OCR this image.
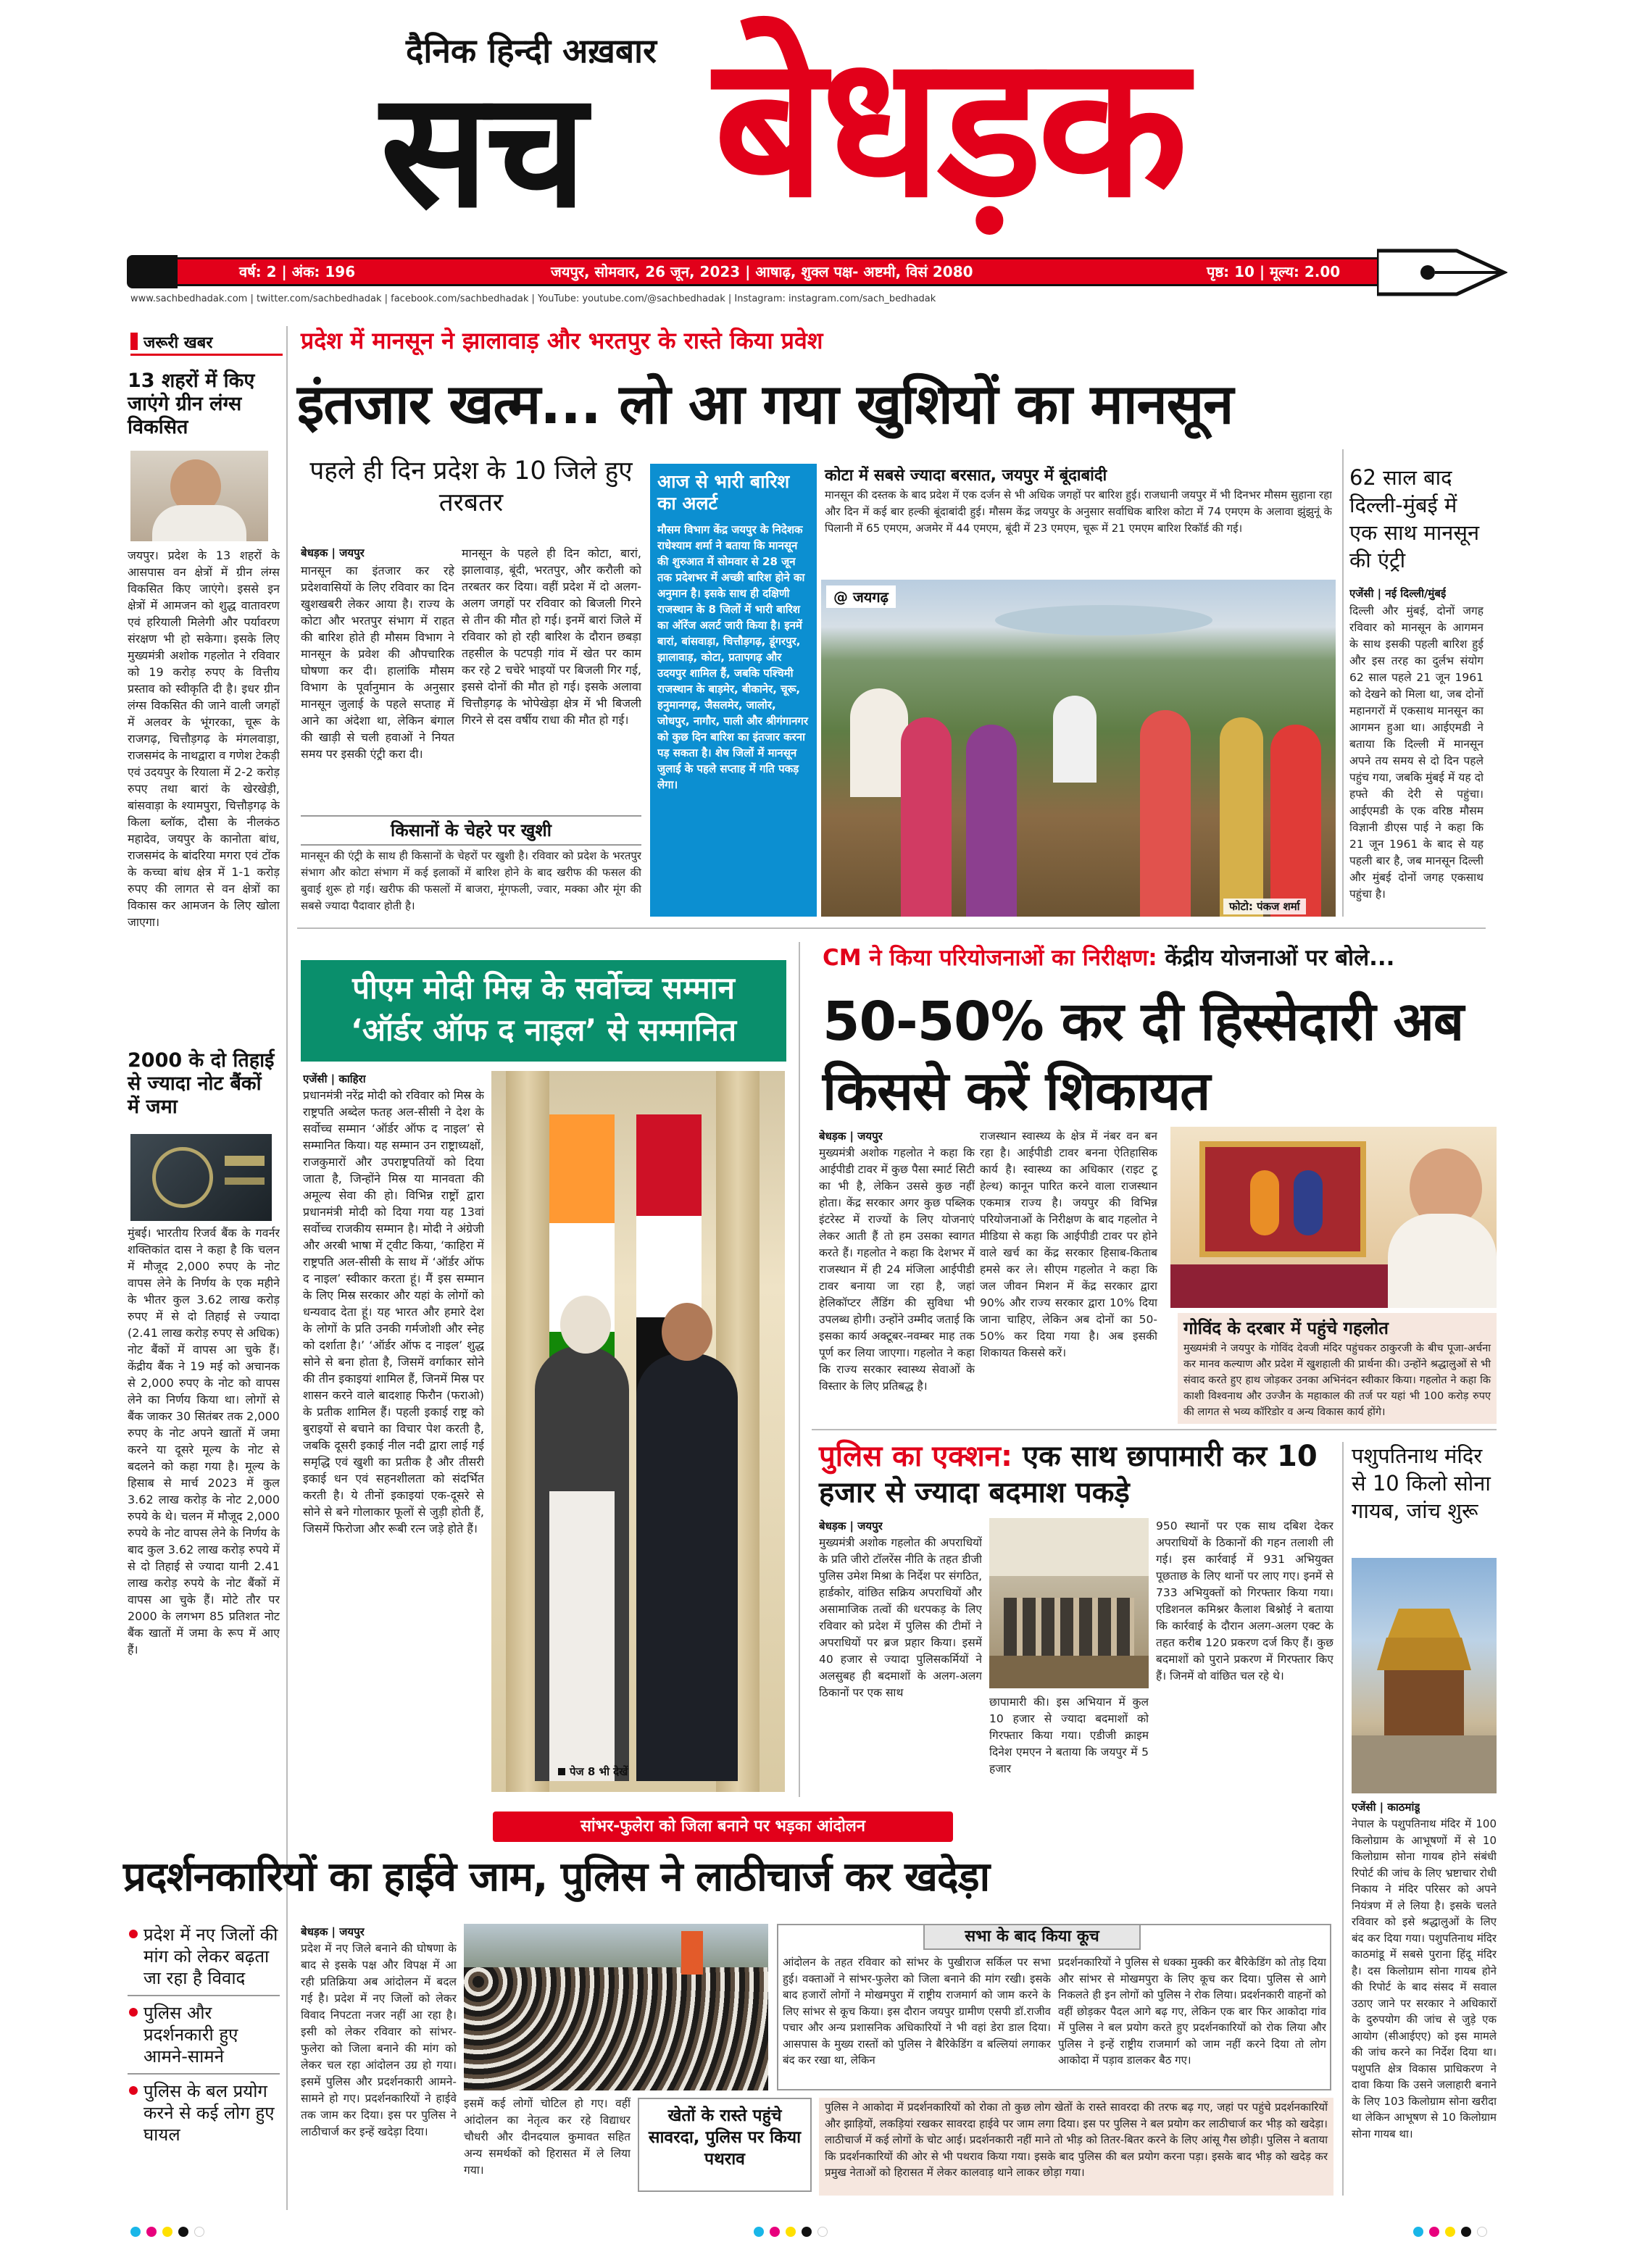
दैनिक हिन्दी अख़बार
सच बेधड़क
वर्ष: 2 | अंक: 196	जयपुर, सोमवार, 26 जून, 2023 | आषाढ़, शुक्ल पक्ष- अष्टमी, विसं 2080	पृष्ठ: 10 | मूल्य: 2.00
www.sachbedhadak.com | twitter.com/sachbedhadak | facebook.com/sachbedhadak | YouTube: youtube.com/@sachbedhadak | Instagram: instagram.com/sach_bedhadak
जरूरी खबर
13 शहरों में किए जाएंगे ग्रीन लंग्स विकसित
जयपुर। प्रदेश के 13 शहरों के आसपास वन क्षेत्रों में ग्रीन लंग्स विकसित किए जाएंगे। इससे इन क्षेत्रों में आमजन को शुद्ध वातावरण एवं हरियाली मिलेगी और पर्यावरण संरक्षण भी हो सकेगा। इसके लिए मुख्यमंत्री अशोक गहलोत ने रविवार को 19 करोड़ रुपए के वित्तीय प्रस्ताव को स्वीकृति दी है। इधर ग्रीन लंग्स विकसित की जाने वाली जगहों में अलवर के भूंगरका, चूरू के राजगढ़, चित्तौड़गढ़ के मंगलवाड़ा, राजसमंद के नाथद्वारा व गणेश टेकड़ी एवं उदयपुर के रियाला में 2-2 करोड़ रुपए तथा बारां के खेरखेड़ी, बांसवाड़ा के श्यामपुरा, चित्तौड़गढ़ के किला ब्लॉक, दौसा के नीलकंठ महादेव, जयपुर के कानोता बांध, राजसमंद के बांदरिया मगरा एवं टोंक के कच्चा बांध क्षेत्र में 1-1 करोड़ रुपए की लागत से वन क्षेत्रों का विकास कर आमजन के लिए खोला जाएगा।
2000 के दो तिहाई से ज्यादा नोट बैंकों में जमा
मुंबई। भारतीय रिजर्व बैंक के गवर्नर शक्तिकांत दास ने कहा है कि चलन में मौजूद 2,000 रुपए के नोट वापस लेने के निर्णय के एक महीने के भीतर कुल 3.62 लाख करोड़ रुपए में से दो तिहाई से ज्यादा (2.41 लाख करोड़ रुपए से अधिक) नोट बैंकों में वापस आ चुके हैं। केंद्रीय बैंक ने 19 मई को अचानक से 2,000 रुपए के नोट को वापस लेने का निर्णय किया था। लोगों से बैंक जाकर 30 सितंबर तक 2,000 रुपए के नोट अपने खातों में जमा करने या दूसरे मूल्य के नोट से बदलने को कहा गया है। मूल्य के हिसाब से मार्च 2023 में कुल 3.62 लाख करोड़ के नोट 2,000 रुपये के थे। चलन में मौजूद 2,000 रुपये के नोट वापस लेने के निर्णय के बाद कुल 3.62 लाख करोड़ रुपये में से दो तिहाई से ज्यादा यानी 2.41 लाख करोड़ रुपये के नोट बैंकों में वापस आ चुके हैं। मोटे तौर पर 2000 के लगभग 85 प्रतिशत नोट बैंक खातों में जमा के रूप में आए हैं।
प्रदेश में मानसून ने झालावाड़ और भरतपुर के रास्ते किया प्रवेश
इंतजार खत्म... लो आ गया खुशियों का मानसून
पहले ही दिन प्रदेश के 10 जिले हुए तरबतर
बेधड़क | जयपुर
मानसून का इंतजार कर रहे प्रदेशवासियों के लिए रविवार का दिन खुशखबरी लेकर आया है। राज्य के कोटा और भरतपुर संभाग में राहत की बारिश होते ही मौसम विभाग ने मानसून के प्रवेश की औपचारिक घोषणा कर दी। हालांकि मौसम विभाग के पूर्वानुमान के अनुसार मानसून जुलाई के पहले सप्ताह में आने का अंदेशा था, लेकिन बंगाल की खाड़ी से चली हवाओं ने नियत समय पर इसकी एंट्री करा दी।
मानसून के पहले ही दिन कोटा, बारां, झालावाड़, बूंदी, भरतपुर, और करौली को तरबतर कर दिया। वहीं प्रदेश में दो अलग-अलग जगहों पर रविवार को बिजली गिरने से तीन की मौत हो गई। इनमें बारां जिले में रविवार को हो रही बारिश के दौरान छबड़ा तहसील के पटपड़ी गांव में खेत पर काम कर रहे 2 चचेरे भाइयों पर बिजली गिर गई, इससे दोनों की मौत हो गई। इसके अलावा चित्तौड़गढ़ के भोपेखेड़ा क्षेत्र में भी बिजली गिरने से दस वर्षीय राधा की मौत हो गई।
किसानों के चेहरे पर खुशी
मानसून की एंट्री के साथ ही किसानों के चेहरों पर खुशी है। रविवार को प्रदेश के भरतपुर संभाग और कोटा संभाग में कई इलाकों में बारिश होने के बाद खरीफ की फसल की बुवाई शुरू हो गई। खरीफ की फसलों में बाजरा, मूंगफली, ज्वार, मक्का और मूंग की सबसे ज्यादा पैदावार होती है।
आज से भारी बारिश का अलर्ट
मौसम विभाग केंद्र जयपुर के निदेशक राधेश्याम शर्मा ने बताया कि मानसून की शुरुआत में सोमवार से 28 जून तक प्रदेशभर में अच्छी बारिश होने का अनुमान है। इसके साथ ही दक्षिणी राजस्थान के 8 जिलों में भारी बारिश का ऑरेंज अलर्ट जारी किया है। इनमें बारां, बांसवाड़ा, चित्तौड़गढ़, डूंगरपुर, झालावाड़, कोटा, प्रतापगढ़ और उदयपुर शामिल हैं, जबकि पश्चिमी राजस्थान के बाड़मेर, बीकानेर, चूरू, हनुमानगढ़, जैसलमेर, जालोर, जोधपुर, नागौर, पाली और श्रीगंगानगर को कुछ दिन बारिश का इंतजार करना पड़ सकता है। शेष जिलों में मानसून जुलाई के पहले सप्ताह में गति पकड़ लेगा।
कोटा में सबसे ज्यादा बरसात, जयपुर में बूंदाबांदी
मानसून की दस्तक के बाद प्रदेश में एक दर्जन से भी अधिक जगहों पर बारिश हुई। राजधानी जयपुर में भी दिनभर मौसम सुहाना रहा और दिन में कई बार हल्की बूंदाबांदी हुई। मौसम केंद्र जयपुर के अनुसार सर्वाधिक बारिश कोटा में 74 एमएम के अलावा झुंझुनूं के पिलानी में 65 एमएम, अजमेर में 44 एमएम, बूंदी में 23 एमएम, चूरू में 21 एमएम बारिश रिकॉर्ड की गई।
@ जयगढ़
फोटो: पंकज शर्मा
62 साल बाद दिल्ली-मुंबई में एक साथ मानसून की एंट्री
एजेंसी | नई दिल्ली/मुंबई
दिल्ली और मुंबई, दोनों जगह रविवार को मानसून के आगमन के साथ इसकी पहली बारिश हुई और इस तरह का दुर्लभ संयोग 62 साल पहले 21 जून 1961 को देखने को मिला था, जब दोनों महानगरों में एकसाथ मानसून का आगमन हुआ था। आईएमडी ने बताया कि दिल्ली में मानसून अपने तय समय से दो दिन पहले पहुंच गया, जबकि मुंबई में यह दो हफ्ते की देरी से पहुंचा। आईएमडी के एक वरिष्ठ मौसम विज्ञानी डीएस पाई ने कहा कि 21 जून 1961 के बाद से यह पहली बार है, जब मानसून दिल्ली और मुंबई दोनों जगह एकसाथ पहुंचा है।
पीएम मोदी मिस्र के सर्वोच्च सम्मान ‘ऑर्डर ऑफ द नाइल’ से सम्मानित
एजेंसी | काहिरा
प्रधानमंत्री नरेंद्र मोदी को रविवार को मिस्र के राष्ट्रपति अब्देल फतह अल-सीसी ने देश के सर्वोच्च सम्मान ‘ऑर्डर ऑफ द नाइल’ से सम्मानित किया। यह सम्मान उन राष्ट्राध्यक्षों, राजकुमारों और उपराष्ट्रपतियों को दिया जाता है, जिन्होंने मिस्र या मानवता की अमूल्य सेवा की हो। विभिन्न राष्ट्रों द्वारा प्रधानमंत्री मोदी को दिया गया यह 13वां सर्वोच्च राजकीय सम्मान है। मोदी ने अंग्रेजी और अरबी भाषा में ट्वीट किया, ‘काहिरा में राष्ट्रपति अल-सीसी के साथ में ‘ऑर्डर ऑफ द नाइल’ स्वीकार करता हूं। मैं इस सम्मान के लिए मिस्र सरकार और यहां के लोगों को धन्यवाद देता हूं। यह भारत और हमारे देश के लोगों के प्रति उनकी गर्मजोशी और स्नेह को दर्शाता है।’ ‘ऑर्डर ऑफ द नाइल’ शुद्ध सोने से बना होता है, जिसमें वर्गाकार सोने की तीन इकाइयां शामिल हैं, जिनमें मिस्र पर शासन करने वाले बादशाह फिरौन (फराओ) के प्रतीक शामिल हैं। पहली इकाई राष्ट्र को बुराइयों से बचाने का विचार पेश करती है, जबकि दूसरी इकाई नील नदी द्वारा लाई गई समृद्धि एवं खुशी का प्रतीक है और तीसरी इकाई धन एवं सहनशीलता को संदर्भित करती है। ये तीनों इकाइयां एक-दूसरे से सोने से बने गोलाकार फूलों से जुड़ी होती हैं, जिसमें फिरोजा और रूबी रत्न जड़े होते हैं।
पेज 8 भी देखें
CM ने किया परियोजनाओं का निरीक्षण: केंद्रीय योजनाओं पर बोले...
50-50% कर दी हिस्सेदारी अब किससे करें शिकायत
बेधड़क | जयपुर
मुख्यमंत्री अशोक गहलोत ने कहा कि आईपीडी टावर में कुछ पैसा स्मार्ट सिटी का भी है, लेकिन उससे कुछ नहीं होता। केंद्र सरकार अगर कुछ पब्लिक इंटरेस्ट में राज्यों के लिए योजनाएं लेकर आती हैं तो हम उसका स्वागत करते हैं। गहलोत ने कहा कि देशभर में राजस्थान में ही 24 मंजिला आईपीडी टावर बनाया जा रहा है, जहां हेलिकॉप्टर लैंडिंग की सुविधा भी उपलब्ध होगी। उन्होंने उम्मीद जताई कि इसका कार्य अक्टूबर-नवम्बर माह तक पूर्ण कर लिया जाएगा। गहलोत ने कहा कि राज्य सरकार स्वास्थ्य सेवाओं के विस्तार के लिए प्रतिबद्ध है।
राजस्थान स्वास्थ्य के क्षेत्र में नंबर वन बन रहा है। आईपीडी टावर बनना ऐतिहासिक कार्य है। स्वास्थ्य का अधिकार (राइट टू हेल्थ) कानून पारित करने वाला राजस्थान एकमात्र राज्य है। जयपुर की विभिन्न परियोजनाओं के निरीक्षण के बाद गहलोत ने मीडिया से कहा कि आईपीडी टावर पर होने वाले खर्च का केंद्र सरकार हिसाब-किताब हमसे कर ले। सीएम गहलोत ने कहा कि जल जीवन मिशन में केंद्र सरकार द्वारा 90% और राज्य सरकार द्वारा 10% दिया जाना चाहिए, लेकिन अब दोनों का 50-50% कर दिया गया है। अब इसकी शिकायत किससे करें।
गोविंद के दरबार में पहुंचे गहलोत
मुख्यमंत्री ने जयपुर के गोविंद देवजी मंदिर पहुंचकर ठाकुरजी के बीच पूजा-अर्चना कर मानव कल्याण और प्रदेश में खुशहाली की प्रार्थना की। उन्होंने श्रद्धालुओं से भी संवाद करते हुए हाथ जोड़कर उनका अभिनंदन स्वीकार किया। गहलोत ने कहा कि काशी विश्वनाथ और उज्जैन के महाकाल की तर्ज पर यहां भी 100 करोड़ रुपए की लागत से भव्य कॉरिडोर व अन्य विकास कार्य होंगे।
पुलिस का एक्शन: एक साथ छापामारी कर 10 हजार से ज्यादा बदमाश पकड़े
बेधड़क | जयपुर
मुख्यमंत्री अशोक गहलोत की अपराधियों के प्रति जीरो टॉलरेंस नीति के तहत डीजी पुलिस उमेश मिश्रा के निर्देश पर संगठित, हार्डकोर, वांछित सक्रिय अपराधियों और असामाजिक तत्वों की धरपकड़ के लिए रविवार को प्रदेश में पुलिस की टीमों ने अपराधियों पर ब्रज प्रहार किया। इसमें 40 हजार से ज्यादा पुलिसकर्मियों ने अलसुबह ही बदमाशों के अलग-अलग ठिकानों पर एक साथ
छापामारी की। इस अभियान में कुल 10 हजार से ज्यादा बदमाशों को गिरफ्तार किया गया। एडीजी क्राइम दिनेश एमएन ने बताया कि जयपुर में 5 हजार
950 स्थानों पर एक साथ दबिश देकर अपराधियों के ठिकानों की गहन तलाशी ली गई। इस कार्रवाई में 931 अभियुक्त पूछताछ के लिए थानों पर लाए गए। इनमें से 733 अभियुक्तों को गिरफ्तार किया गया। एडिशनल कमिश्नर कैलाश बिश्नोई ने बताया कि कार्रवाई के दौरान अलग-अलग एक्ट के तहत करीब 120 प्रकरण दर्ज किए हैं। कुछ बदमाशों को पुराने प्रकरण में गिरफ्तार किए हैं। जिनमें वो वांछित चल रहे थे।
पशुपतिनाथ मंदिर से 10 किलो सोना गायब, जांच शुरू
एजेंसी | काठमांडू
नेपाल के पशुपतिनाथ मंदिर में 100 किलोग्राम के आभूषणों में से 10 किलोग्राम सोना गायब होने संबंधी रिपोर्ट की जांच के लिए भ्रष्टाचार रोधी निकाय ने मंदिर परिसर को अपने नियंत्रण में ले लिया है। इसके चलते रविवार को इसे श्रद्धालुओं के लिए बंद कर दिया गया। पशुपतिनाथ मंदिर काठमांडू में सबसे पुराना हिंदू मंदिर है। दस किलोग्राम सोना गायब होने की रिपोर्ट के बाद संसद में सवाल उठाए जाने पर सरकार ने अधिकारों के दुरुपयोग की जांच से जुड़े एक आयोग (सीआईएए) को इस मामले की जांच करने का निर्देश दिया था। पशुपति क्षेत्र विकास प्राधिकरण ने दावा किया कि उसने जलाहारी बनाने के लिए 103 किलोग्राम सोना खरीदा था लेकिन आभूषण से 10 किलोग्राम सोना गायब था।
सांभर-फुलेरा को जिला बनाने पर भड़का आंदोलन
प्रदर्शनकारियों का हाईवे जाम, पुलिस ने लाठीचार्ज कर खदेड़ा
प्रदेश में नए जिलों की मांग को लेकर बढ़ता जा रहा है विवाद
पुलिस और प्रदर्शनकारी हुए आमने-सामने
पुलिस के बल प्रयोग करने से कई लोग हुए घायल
बेधड़क | जयपुर
प्रदेश में नए जिले बनाने की घोषणा के बाद से इसके पक्ष और विपक्ष में आ रही प्रतिक्रिया अब आंदोलन में बदल गई है। प्रदेश में नए जिलों को लेकर विवाद निपटता नजर नहीं आ रहा है। इसी को लेकर रविवार को सांभर-फुलेरा को जिला बनाने की मांग को लेकर चल रहा आंदोलन उग्र हो गया। इसमें पुलिस और प्रदर्शनकारी आमने-सामने हो गए। प्रदर्शनकारियों ने हाईवे तक जाम कर दिया। इस पर पुलिस ने लाठीचार्ज कर इन्हें खदेड़ा दिया।
इसमें कई लोगों चोटिल हो गए। वहीं आंदोलन का नेतृत्व कर रहे विद्याधर चौधरी और दीनदयाल कुमावत सहित अन्य समर्थकों को हिरासत में ले लिया गया।
सभा के बाद किया कूच
आंदोलन के तहत रविवार को सांभर के पुखीराज सर्किल पर सभा हुई। वक्ताओं ने सांभर-फुलेरा को जिला बनाने की मांग रखी। इसके बाद हजारों लोगों ने मोखमपुरा में राष्ट्रीय राजमार्ग को जाम करने के लिए सांभर से कूच किया। इस दौरान जयपुर ग्रामीण एसपी डॉ.राजीव पचार और अन्य प्रशासनिक अधिकारियों ने भी वहां डेरा डाल दिया। आसपास के मुख्य रास्तों को पुलिस ने बैरिकेडिंग व बल्लियां लगाकर बंद कर रखा था, लेकिन
प्रदर्शनकारियों ने पुलिस से धक्का मुक्की कर बैरिकेडिंग को तोड़ दिया और सांभर से मोखमपुरा के लिए कूच कर दिया। पुलिस से आगे निकलते ही इन लोगों को पुलिस ने रोक लिया। प्रदर्शनकारी वाहनों को वहीं छोड़कर पैदल आगे बढ़ गए, लेकिन एक बार फिर आकोदा गांव में पुलिस ने बल प्रयोग करते हुए प्रदर्शनकारियों को रोक लिया और पुलिस ने इन्हें राष्ट्रीय राजमार्ग को जाम नहीं करने दिया तो लोग आकोदा में पड़ाव डालकर बैठ गए।
खेतों के रास्ते पहुंचे सावरदा, पुलिस पर किया पथराव
पुलिस ने आकोदा में प्रदर्शनकारियों को रोका तो कुछ लोग खेतों के रास्ते सावरदा की तरफ बढ़ गए, जहां पर पहुंचे प्रदर्शनकारियों और झाड़ियों, लकड़ियां रखकर सावरदा हाईवे पर जाम लगा दिया। इस पर पुलिस ने बल प्रयोग कर लाठीचार्ज कर भीड़ को खदेड़ा। लाठीचार्ज में कई लोगों के चोट आई। प्रदर्शनकारी नहीं माने तो भीड़ को तितर-बितर करने के लिए आंसू गैस छोड़ी। पुलिस ने बताया कि प्रदर्शनकारियों की ओर से भी पथराव किया गया। इसके बाद पुलिस की बल प्रयोग करना पड़ा। इसके बाद भीड़ को खदेड़ कर प्रमुख नेताओं को हिरासत में लेकर कालवाड़ थाने लाकर छोड़ा गया।
